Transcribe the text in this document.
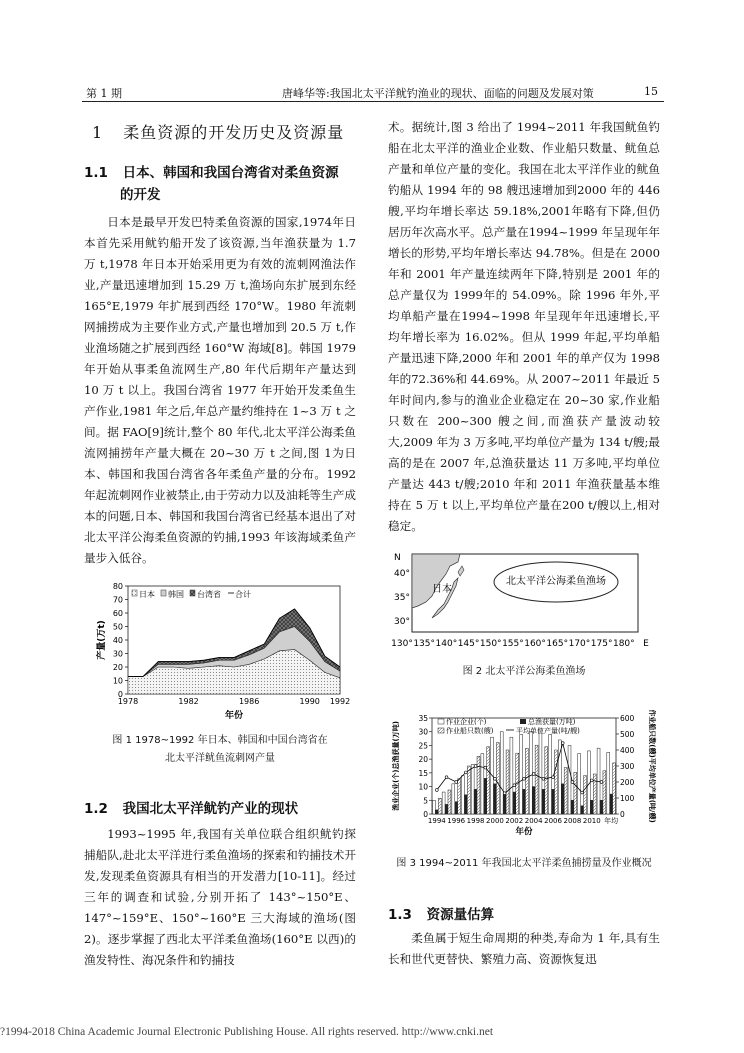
第 1 期	唐峰华等:我国北太平洋鱿钓渔业的现状、面临的问题及发展对策	15
1 柔鱼资源的开发历史及资源量
1.1 日本、韩国和我国台湾省对柔鱼资源
的开发

日本是最早开发巴特柔鱼资源的国家,1974年日本首先采用鱿钓船开发了该资源,当年渔获量为 1.7 万 t,1978 年日本开始采用更为有效的流刺网渔法作业,产量迅速增加到 15.29 万 t,渔场向东扩展到东经 165°E,1979 年扩展到西经 170°W。1980 年流刺网捕捞成为主要作业方式,产量也增加到 20.5 万 t,作业渔场随之扩展到西经 160°W 海域[8]。韩国 1979 年开始从事柔鱼流网生产,80 年代后期年产量达到 10 万 t 以上。我国台湾省 1977 年开始开发柔鱼生产作业,1981 年之后,年总产量约维持在 1~3 万 t 之间。据 FAO[9]统计,整个 80 年代,北太平洋公海柔鱼流网捕捞年产量大概在 20~30 万 t 之间,图 1为日本、韩国和我国台湾省各年柔鱼产量的分布。1992 年起流刺网作业被禁止,由于劳动力以及油耗等生产成本的问题,日本、韩国和我国台湾省已经基本退出了对北太平洋公海柔鱼资源的钓捕,1993 年该海域柔鱼产量步入低谷。

0
10
20
30
40
50
60
70
80
1978	1982	1986	1990 1992
年份
产量(万t)
日本 韩国 台湾省 合计
图 1 1978~1992 年日本、韩国和中国台湾省在
北太平洋鱿鱼流刺网产量
1.2 我国北太平洋鱿钓产业的现状

1993~1995 年,我国有关单位联合组织鱿钓探捕船队,赴北太平洋进行柔鱼渔场的探索和钓捕技术开发,发现柔鱼资源具有相当的开发潜力[10-11]。经过三年的调查和试验,分别开拓了 143°~150°E、147°~159°E、150°~160°E 三大海域的渔场(图 2)。逐步掌握了西北太平洋柔鱼渔场(160°E 以西)的渔发特性、海况条件和钓捕技

术。据统计,图 3 给出了 1994~2011 年我国鱿鱼钓船在北太平洋的渔业企业数、作业船只数量、鱿鱼总产量和单位产量的变化。我国在北太平洋作业的鱿鱼钓船从 1994 年的 98 艘迅速增加到2000 年的 446 艘,平均年增长率达 59.18%,2001年略有下降,但仍居历年次高水平。总产量在1994~1999 年呈现年年增长的形势,平均年增长率达 94.78%。但是在 2000 年和 2001 年产量连续两年下降,特别是 2001 年的总产量仅为 1999年的 54.09%。除 1996 年外,平均单船产量在1994~1998 年呈现年年迅速增长,平均年增长率为 16.02%。但从 1999 年起,平均单船产量迅速下降,2000 年和 2001 年的单产仅为 1998 年的72.36%和 44.69%。从 2007~2011 年最近 5 年时间内,参与的渔业企业稳定在 20~30 家,作业船只数在 200~300 艘之间,而渔获产量波动较大,2009 年为 3 万多吨,平均单位产量为 134 t/艘;最高的是在 2007 年,总渔获量达 11 万多吨,平均单位产量达 443 t/艘;2010 年和 2011 年渔获量基本维持在 5 万 t 以上,平均单位产量在200 t/艘以上,相对稳定。

日本
北太平洋公海柔鱼渔场
N
40°
35°
30°
130° 135° 140° 145° 150° 155° 160° 165° 170° 175° 180° E
图 2 北太平洋公海柔鱼渔场
0
5
10
15
20
25
30
35
0
100
200
300
400
500
600
1994 1996 1998 2000 2002 2004 2006 2008 2010 年均
年份
渔业企业(个)总渔获量(万吨)	作业船只数(艘)平均单位产量(吨/艘)
作业企业(个)	总渔获量(万吨)
作业船只数(艘)	平均单位产量(吨/艘)
图 3 1994~2011 年我国北太平洋柔鱼捕捞量及作业概况
1.3 资源量估算

柔鱼属于短生命周期的种类,寿命为 1 年,具有生长和世代更替快、繁殖力高、资源恢复迅

?1994-2018 China Academic Journal Electronic Publishing House. All rights reserved. http://www.cnki.net
